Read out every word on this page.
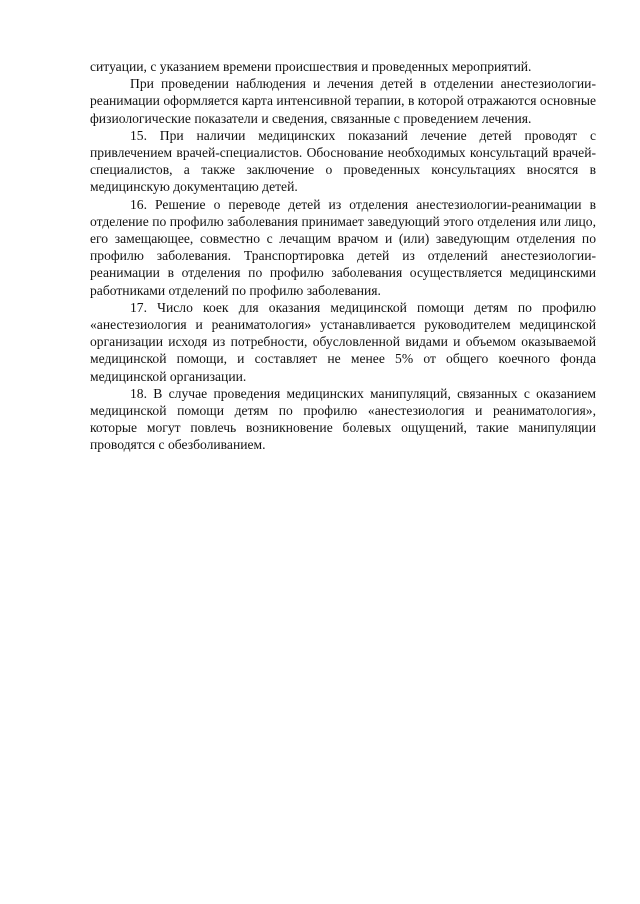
ситуации, с указанием времени происшествия и проведенных мероприятий.

При проведении наблюдения и лечения детей в отделении анестезиологии-реанимации оформляется карта интенсивной терапии, в которой отражаются основные физиологические показатели и сведения, связанные с проведением лечения.

15. При наличии медицинских показаний лечение детей проводят с привлечением врачей-специалистов. Обоснование необходимых консультаций врачей-специалистов, а также заключение о проведенных консультациях вносятся в медицинскую документацию детей.

16. Решение о переводе детей из отделения анестезиологии-реанимации в отделение по профилю заболевания принимает заведующий этого отделения или лицо, его замещающее, совместно с лечащим врачом и (или) заведующим отделения по профилю заболевания. Транспортировка детей из отделений анестезиологии-реанимации в отделения по профилю заболевания осуществляется медицинскими работниками отделений по профилю заболевания.

17. Число коек для оказания медицинской помощи детям по профилю «анестезиология и реаниматология» устанавливается руководителем медицинской организации исходя из потребности, обусловленной видами и объемом оказываемой медицинской помощи, и составляет не менее 5% от общего коечного фонда медицинской организации.

18. В случае проведения медицинских манипуляций, связанных с оказанием медицинской помощи детям по профилю «анестезиология и реаниматология», которые могут повлечь возникновение болевых ощущений, такие манипуляции проводятся с обезболиванием.
